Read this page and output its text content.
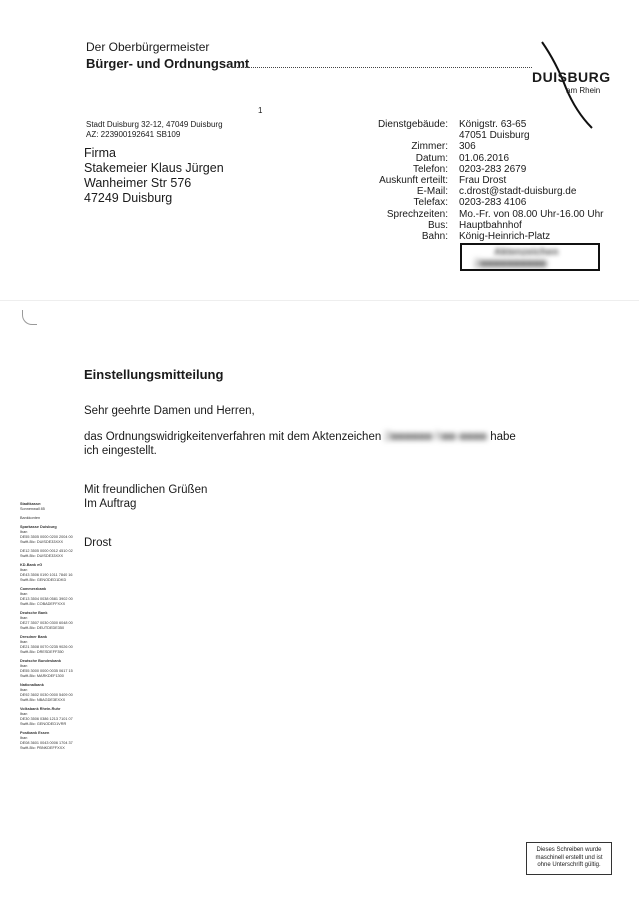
Der Oberbürgermeister
Bürger- und Ordnungsamt
DUISBURG
am Rhein
1
Stadt Duisburg 32-12, 47049 Duisburg
AZ: 223900192641 SB109
Firma
Stakemeier Klaus Jürgen
Wanheimer Str 576
47249 Duisburg
Dienstgebäude:	Königstr. 63-65
	47051 Duisburg
Zimmer:	306
Datum:	01.06.2016
Telefon:	0203-283 2679
Auskunft erteilt:	Frau Drost
E-Mail:	c.drost@stadt-duisburg.de
Telefax:	0203-283 4106
Sprechzeiten:	Mo.-Fr. von 08.00 Uhr-16.00 Uhr
Bus:	Hauptbahnhof
Bahn:	König-Heinrich-Platz
Aktenzeichen
2■■■■■■■■■■
Einstellungsmitteilung
Sehr geehrte Damen und Herren,
das Ordnungswidrigkeitenverfahren mit dem Aktenzeichen 2■■■■■■ h■■ ■■■■ habe
ich eingestellt.
Mit freundlichen Grüßen
Im Auftrag
Drost
Stadtkasse:
Sonnenwall 85
Bankkonten
Sparkasse Duisburg
Iban
DE55 3505 0000 0200 2004 00
Swift-Bic: DUISDE33XXX
DE12 3505 0000 0012 4510 02
Swift-Bic: DUISDE33XXX
KD-Bank eG
Iban
DE43 3506 0190 1011 7840 16
Swift-Bic: GENODED1DKD
Commerzbank
Iban
DE13 3504 0038 0581 3902 00
Swift-Bic: COBADEFFXXX
Deutsche Bank
Iban
DE27 3507 0030 0300 6048 00
Swift-Bic: DEUTDEDE350
Dresdner Bank
Iban
DE21 3508 0070 0235 9026 00
Swift-Bic: DRESDEFF350
Deutsche Bundesbank
Iban
DE55 3000 0000 0035 0617 15
Swift-Bic: MARKDEF1300
Nationalbank
Iban
DE92 3602 0030 0000 5409 00
Swift-Bic: NBAGDE3EXXX
Volksbank Rhein-Ruhr
Iban
DE30 3506 0386 1213 7101 07
Swift-Bic: GENODED1VRR
Postbank Essen
Iban
DE08 3601 0043 0006 1704 37
Swift-Bic: PBNKDEFFXXX
Dieses Schreiben wurde maschinell erstellt und ist ohne Unterschrift gültig.
